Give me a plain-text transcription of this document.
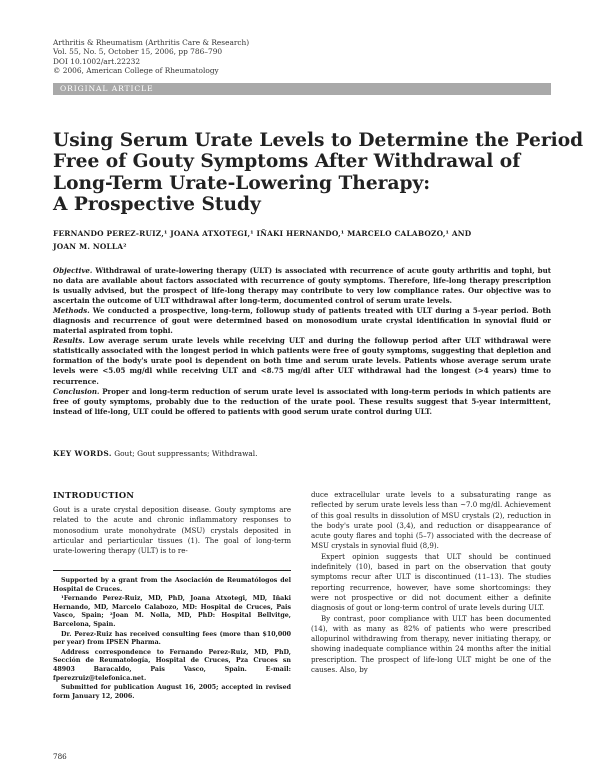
Arthritis & Rheumatism (Arthritis Care & Research)
Vol. 55, No. 5, October 15, 2006, pp 786–790
DOI 10.1002/art.22232
© 2006, American College of Rheumatology
ORIGINAL ARTICLE
Using Serum Urate Levels to Determine the Period
Free of Gouty Symptoms After Withdrawal of
Long-Term Urate-Lowering Therapy:
A Prospective Study
FERNANDO PEREZ-RUIZ,¹ JOANA ATXOTEGI,¹ IÑAKI HERNANDO,¹ MARCELO CALABOZO,¹ AND
JOAN M. NOLLA²

Objective. Withdrawal of urate-lowering therapy (ULT) is associated with recurrence of acute gouty arthritis and tophi, but no data are available about factors associated with recurrence of gouty symptoms. Therefore, life-long therapy prescription is usually advised, but the prospect of life-long therapy may contribute to very low compliance rates. Our objective was to ascertain the outcome of ULT withdrawal after long-term, documented control of serum urate levels.

Methods. We conducted a prospective, long-term, followup study of patients treated with ULT during a 5-year period. Both diagnosis and recurrence of gout were determined based on monosodium urate crystal identification in synovial fluid or material aspirated from tophi.

Results. Low average serum urate levels while receiving ULT and during the followup period after ULT withdrawal were statistically associated with the longest period in which patients were free of gouty symptoms, suggesting that depletion and formation of the body's urate pool is dependent on both time and serum urate levels. Patients whose average serum urate levels were <5.05 mg/dl while receiving ULT and <8.75 mg/dl after ULT withdrawal had the longest (>4 years) time to recurrence.

Conclusion. Proper and long-term reduction of serum urate level is associated with long-term periods in which patients are free of gouty symptoms, probably due to the reduction of the urate pool. These results suggest that 5-year intermittent, instead of life-long, ULT could be offered to patients with good serum urate control during ULT.

KEY WORDS. Gout; Gout suppressants; Withdrawal.
INTRODUCTION
Gout is a urate crystal deposition disease. Gouty symptoms are related to the acute and chronic inflammatory responses to monosodium urate monohydrate (MSU) crystals deposited in articular and periarticular tissues (1). The goal of long-term urate-lowering therapy (ULT) is to re-

Supported by a grant from the Asociación de Reumatólogos del Hospital de Cruces.

¹Fernando Perez-Ruiz, MD, PhD, Joana Atxotegi, MD, Iñaki Hernando, MD, Marcelo Calabozo, MD: Hospital de Cruces, Pais Vasco, Spain; ²Joan M. Nolla, MD, PhD: Hospital Bellvitge, Barcelona, Spain.

Dr. Perez-Ruiz has received consulting fees (more than $10,000 per year) from IPSEN Pharma.

Address correspondence to Fernando Perez-Ruiz, MD, PhD, Sección de Reumatología, Hospital de Cruces, Pza Cruces sn 48903 Baracaldo, Pais Vasco, Spain. E-mail: fperezruiz@telefonica.net.

Submitted for publication August 16, 2005; accepted in revised form January 12, 2006.

duce extracellular urate levels to a subsaturating range as reflected by serum urate levels less than ~7.0 mg/dl. Achievement of this goal results in dissolution of MSU crystals (2), reduction in the body's urate pool (3,4), and reduction or disappearance of acute gouty flares and tophi (5–7) associated with the decrease of MSU crystals in synovial fluid (8,9).

Expert opinion suggests that ULT should be continued indefinitely (10), based in part on the observation that gouty symptoms recur after ULT is discontinued (11–13). The studies reporting recurrence, however, have some shortcomings: they were not prospective or did not document either a definite diagnosis of gout or long-term control of urate levels during ULT.

By contrast, poor compliance with ULT has been documented (14), with as many as 82% of patients who were prescribed allopurinol withdrawing from therapy, never initiating therapy, or showing inadequate compliance within 24 months after the initial prescription. The prospect of life-long ULT might be one of the causes. Also, by

786
